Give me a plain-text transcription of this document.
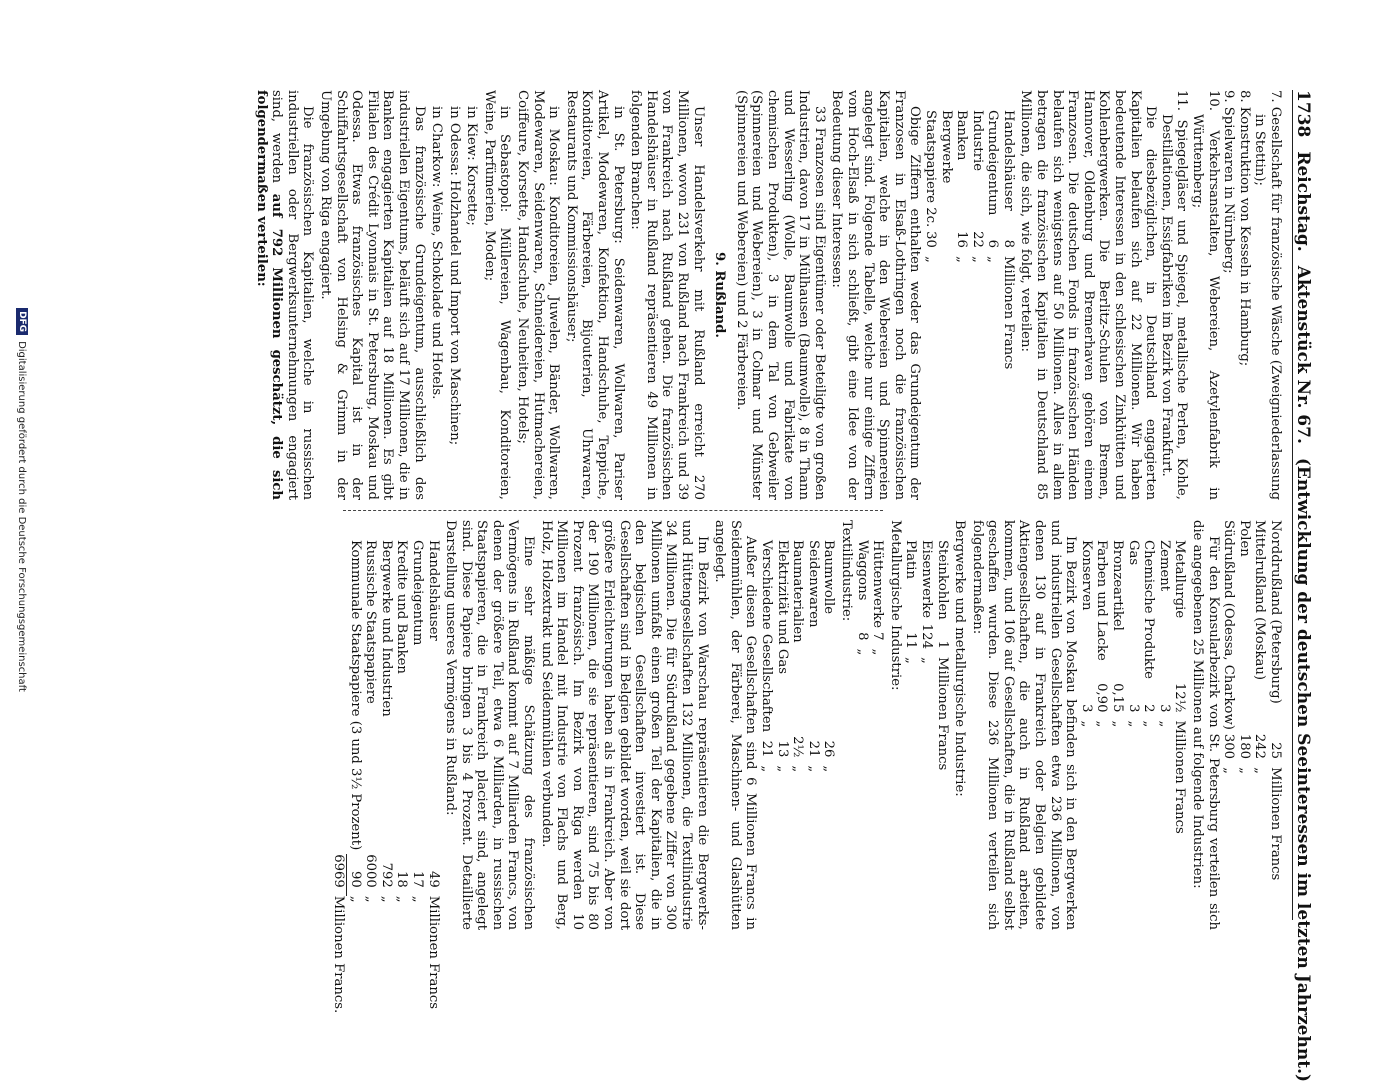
1738
Reichstag.
Aktenstück Nr. 67.
(Entwicklung der deutschen Seeinteressen im letzten Jahrzehnt.)

7. Gesellschaft für französische Wäsche (Zweigniederlassung in Stettin);

8. Konstruktion von Kesseln in Hamburg;

9. Spielwaren in Nürnberg;

10. Verkehrsanstalten, Webereien, Azetylenfabrik in Württemberg;

11. Spiegelgläser und Spiegel, metallische Perlen, Kohle, Destillationen, Essigfabriken im Bezirk von Frankfurt.

Die diesbezüglichen, in Deutschland engagierten Kapitalien belaufen sich auf 22 Millionen. Wir haben bedeutende Interessen in den schlesischen Zinkhütten und Kohlenbergwerken. Die Berlitz-Schulen von Bremen, Hannover, Oldenburg und Bremerhaven gehören einem Franzosen. Die deutschen Fonds in französischen Händen belaufen sich wenigstens auf 50 Millionen. Alles in allem betragen die französischen Kapitalien in Deutschland 85 Millionen, die sich, wie folgt, verteilen:

Handelshäuser	8	Millionen Francs
Grundeigentum	6	„
Industrie	22	„
Banken	16	„
Bergwerke		
Staatspapiere 2c.	30	„

Obige Ziffern enthalten weder das Grundeigentum der Franzosen in Elsaß-Lothringen noch die französischen Kapitalien, welche in den Webereien und Spinnereien angelegt sind. Folgende Tabelle, welche nur einige Ziffern vom Hoch-Elsaß in sich schließt, gibt eine Idee von der Bedeutung dieser Interessen:

33 Franzosen sind Eigentümer oder Beteiligte von großen Industrien, davon 17 in Mülhausen (Baumwolle), 8 in Thann und Wesserling (Wolle, Baumwolle und Fabrikate von chemischen Produkten), 3 in dem Tal von Gebweiler (Spinnereien und Webereien), 3 in Colmar und Münster (Spinnereien und Webereien) und 2 Färbereien.

9. Rußland.

Unser Handelsverkehr mit Rußland erreicht 270 Millionen, wovon 231 von Rußland nach Frankreich und 39 von Frankreich nach Rußland gehen. Die französischen Handelshäuser in Rußland repräsentieren 49 Millionen in folgenden Branchen:

in St. Petersburg: Seidenwaren, Wollwaren, Pariser Artikel, Modewaren, Konfektion, Handschuhe, Teppiche, Konditoreien, Färbereien, Bijouterien, Uhrwaren, Restaurants und Kommissionshäuser;

in Moskau: Konditoreien, Juwelen, Bänder, Wollwaren, Modewaren, Seidenwaren, Schneidereien, Hutmachereien, Coiffeure, Korsette, Handschuhe, Neuheiten, Hotels;

in Sebastopol: Müllereien, Wagenbau, Konditoreien, Weine, Parfümerien, Moden;

in Kiew: Korsette;

in Odessa: Holzhandel und Import von Maschinen;

in Charkow: Weine, Schokolade und Hotels.

Das französische Grundeigentum, ausschließlich des industriellen Eigentums, beläuft sich auf 17 Millionen, die in Banken engagierten Kapitalien auf 18 Millionen. Es gibt Filialen des Crédit Lyonnais in St. Petersburg, Moskau und Odessa. Etwas französisches Kapital ist in der Schiffahrtsgesellschaft von Helsing & Grimm in der Umgebung von Riga engagiert.

Die französischen Kapitalien, welche in russischen industriellen oder Bergwerksunternehmungen engagiert sind, werden auf 792 Millionen geschätzt, die sich folgendermaßen verteilen:

Norddrußland (Petersburg)	25	Millionen Francs
Mittelrußland (Moskau)	242	„
Polen	180	„
Südrußland (Odessa, Charkow)	300	„

Für den Konsularbezirk von St. Petersburg verteilen sich die angegebenen 25 Millionen auf folgende Industrien:

Metallurgie	12½	Millionen Francs
Zement	3	„
Chemische Produkte	2	„
Gas	3	„
Bronzeartikel	0,15	„
Farben und Lacke	0,90	„
Konserven	3	„

Im Bezirk von Moskau befinden sich in den Bergwerken und industriellen Gesellschaften etwa 236 Millionen, von denen 130 auf in Frankreich oder Belgien gebildete Aktiengesellschaften, die auch in Rußland arbeiten, kommen, und 106 auf Gesellschaften, die in Rußland selbst geschaffen wurden. Diese 236 Millionen verteilen sich folgendermaßen:

Bergwerke und metallurgische Industrie:

Steinkohlen	1	Millionen Francs
Eisenwerke	124	„
Platin	11	„

Metallurgische Industrie:

Hüttenwerke	7	„
Waggons	8	„

Textilindustrie:

Baumwolle	26	„
Seidenwaren	21	„
Baumaterialien	2½	„
Elektrizität und Gas	13	„
Verschiedene Gesellschaften	21	„

Außer diesen Gesellschaften sind 6 Millionen Francs in Seidenmühlen, der Färberei, Maschinen- und Glashütten angelegt.

Im Bezirk von Warschau repräsentieren die Bergwerks- und Hüttengesellschaften 132 Millionen, die Textilindustrie 34 Millionen. Die für Südrußland gegebene Ziffer von 300 Millionen umfaßt einen großen Teil der Kapitalien, die in den belgischen Gesellschaften investiert ist. Diese Gesellschaften sind in Belgien gebildet worden, weil sie dort größere Erleichterungen haben als in Frankreich. Aber von der 190 Millionen, die sie repräsentieren, sind 75 bis 80 Prozent französisch. Im Bezirk von Riga werden 10 Millionen im Handel mit Industrie von Flachs und Berg, Holz, Holzextrakt und Seidenmühlen verbunden.

Eine sehr mäßige Schätzung des französischen Vermögens in Rußland kommt auf 7 Milliarden Francs, von denen der größere Teil, etwa 6 Milliarden, in russischen Staatspapieren, die in Frankreich placiert sind, angelegt sind. Diese Papiere bringen 3 bis 4 Prozent. Detaillierte Darstellung unseres Vermögens in Rußland:

Handelshäuser	49	Millionen Francs
Grundeigentum	17	„
Kredite und Banken	18	„
Bergwerke und Industrien	792	„
Russische Staatspapiere	6000	„
Kommunale Staatspapiere (3 und 3½ Prozent)	90	„
	6969	Millionen Francs.
DFG
Digitalisierung gefördert durch die Deutsche Forschungsgemeinschaft
